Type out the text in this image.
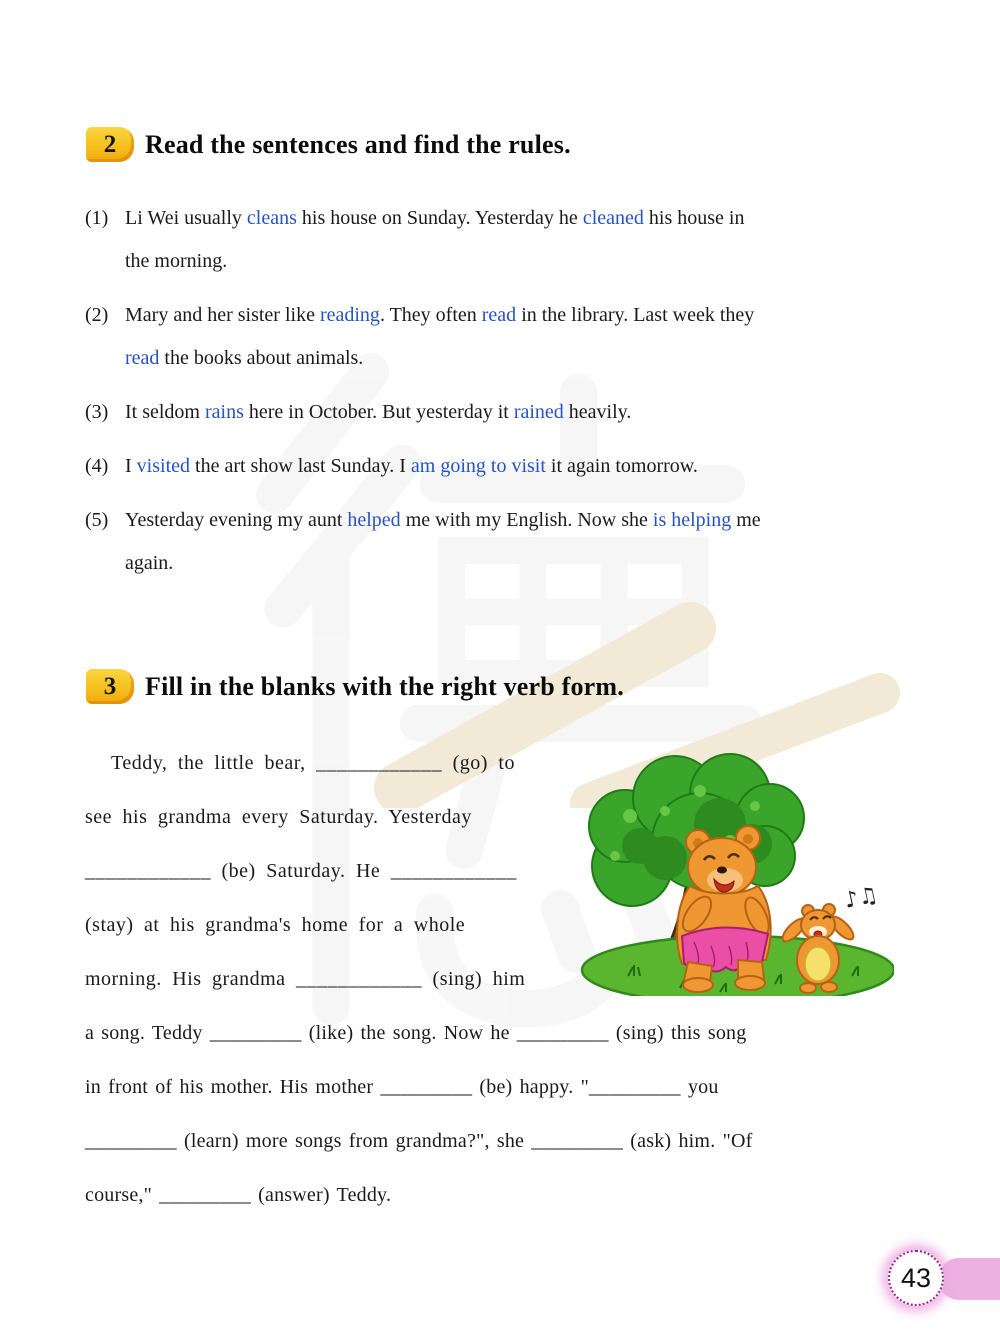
2	Read the sentences and find the rules.
(1) Li Wei usually cleans his house on Sunday. Yesterday he cleaned his house in
the morning.
(2) Mary and her sister like reading. They often read in the library. Last week they
read the books about animals.
(3) It seldom rains here in October. But yesterday it rained heavily.
(4) I visited the art show last Sunday. I am going to visit it again tomorrow.
(5) Yesterday evening my aunt helped me with my English. Now she is helping me
again.
3	Fill in the blanks with the right verb form.
Teddy, the little bear, ____________ (go) to
see his grandma every Saturday. Yesterday
____________ (be) Saturday. He ____________
(stay) at his grandma's home for a whole
morning. His grandma ____________ (sing) him
a song. Teddy _________ (like) the song. Now he _________ (sing) this song
in front of his mother. His mother _________ (be) happy. "_________ you
_________ (learn) more songs from grandma?", she _________ (ask) him. "Of
course," _________ (answer) Teddy.
♪♫
43
